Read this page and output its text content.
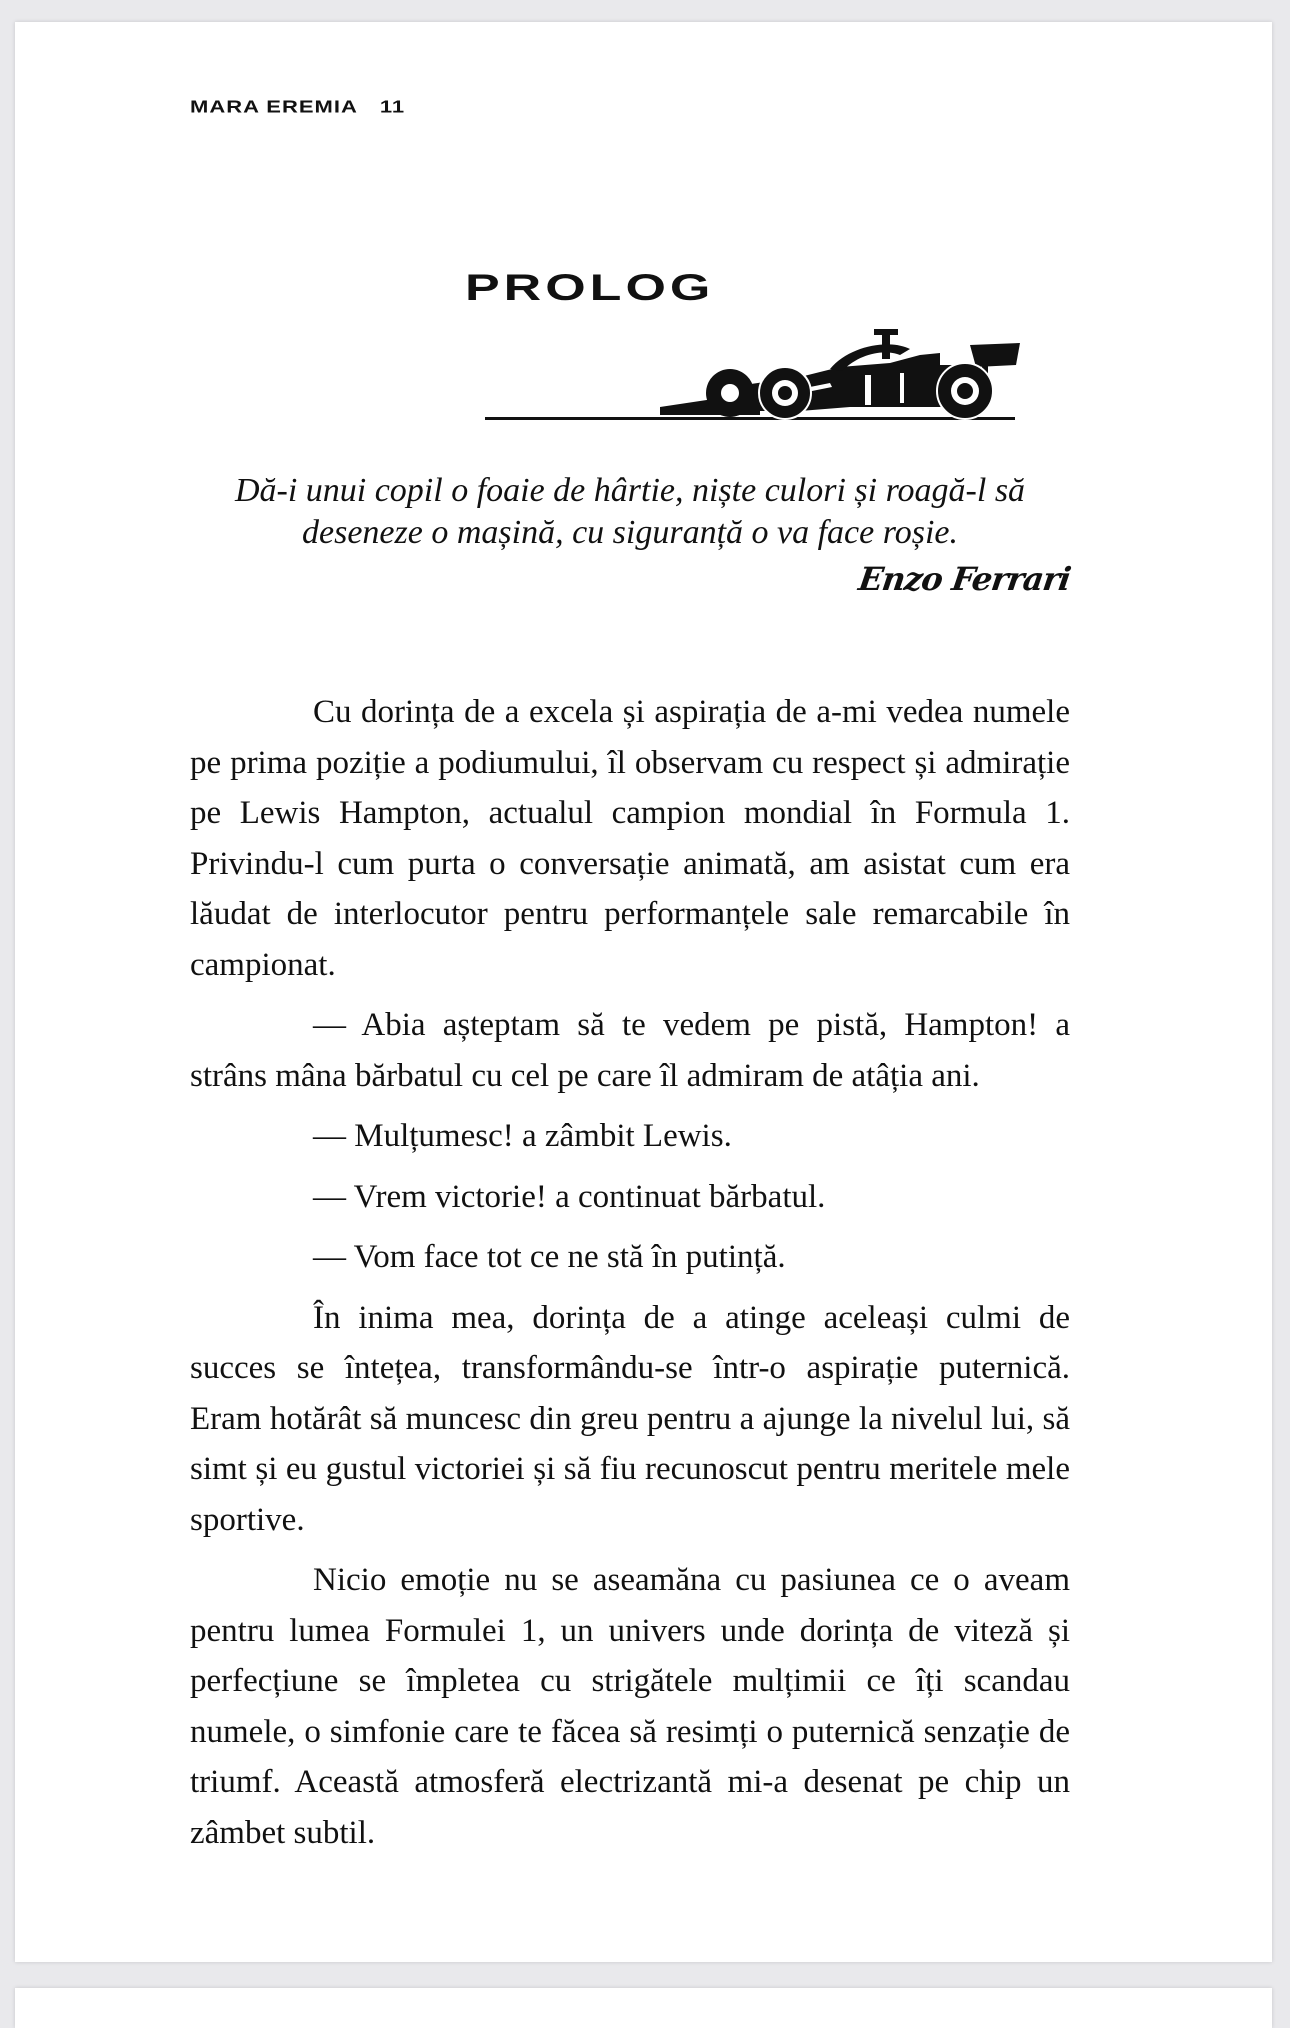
MARA EREMIA 11
PROLOG
Dă-i unui copil o foaie de hârtie, niște culori și roagă-l să deseneze o mașină, cu siguranță o va face roșie.
Enzo Ferrari

Cu dorința de a excela și aspirația de a-mi vedea numele pe prima poziție a podiumului, îl observam cu respect și admirație pe Lewis Hampton, actualul campion mondial în Formula 1. Privindu-l cum purta o conversație animată, am asistat cum era lăudat de interlocutor pentru performanțele sale remarcabile în campionat.

— Abia așteptam să te vedem pe pistă, Hampton! a strâns mâna bărbatul cu cel pe care îl admiram de atâția ani.

— Mulțumesc! a zâmbit Lewis.

— Vrem victorie! a continuat bărbatul.

— Vom face tot ce ne stă în putință.

În inima mea, dorința de a atinge aceleași culmi de succes se întețea, transformându-se într-o aspirație puternică. Eram hotărât să muncesc din greu pentru a ajunge la nivelul lui, să simt și eu gustul victoriei și să fiu recunoscut pentru meritele mele sportive.

Nicio emoție nu se aseamăna cu pasiunea ce o aveam pentru lumea Formulei 1, un univers unde dorința de viteză și perfecțiune se împletea cu strigătele mulțimii ce îți scandau numele, o simfonie care te făcea să resimți o puternică senzație de triumf. Această atmosferă electrizantă mi-a desenat pe chip un zâmbet subtil.
